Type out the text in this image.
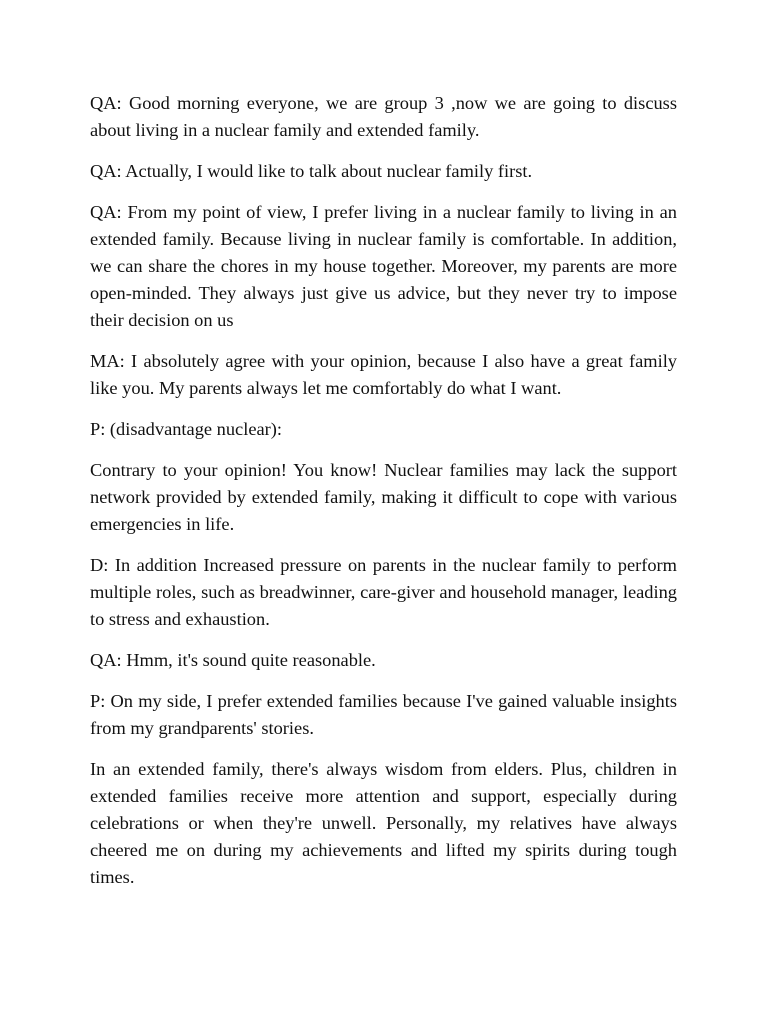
QA: Good morning everyone, we are group 3 ,now we are going to discuss about living in a nuclear family and extended family.

QA: Actually, I would like to talk about nuclear family first.

QA: From my point of view, I prefer living in a nuclear family to living in an extended family. Because living in nuclear family is comfortable. In addition, we can share the chores in my house together. Moreover, my parents are more open-minded. They always just give us advice, but they never try to impose their decision on us

MA: I absolutely agree with your opinion, because I also have a great family like you. My parents always let me comfortably do what I want.

P: (disadvantage nuclear):

Contrary to your opinion! You know! Nuclear families may lack the support network provided by extended family, making it difficult to cope with various emergencies in life.

D: In addition Increased pressure on parents in the nuclear family to perform multiple roles, such as breadwinner, care-giver and household manager, leading to stress and exhaustion.

QA: Hmm, it's sound quite reasonable.

P: On my side, I prefer extended families because I've gained valuable insights from my grandparents' stories.

In an extended family, there's always wisdom from elders. Plus, children in extended families receive more attention and support, especially during celebrations or when they're unwell. Personally, my relatives have always cheered me on during my achievements and lifted my spirits during tough times.
